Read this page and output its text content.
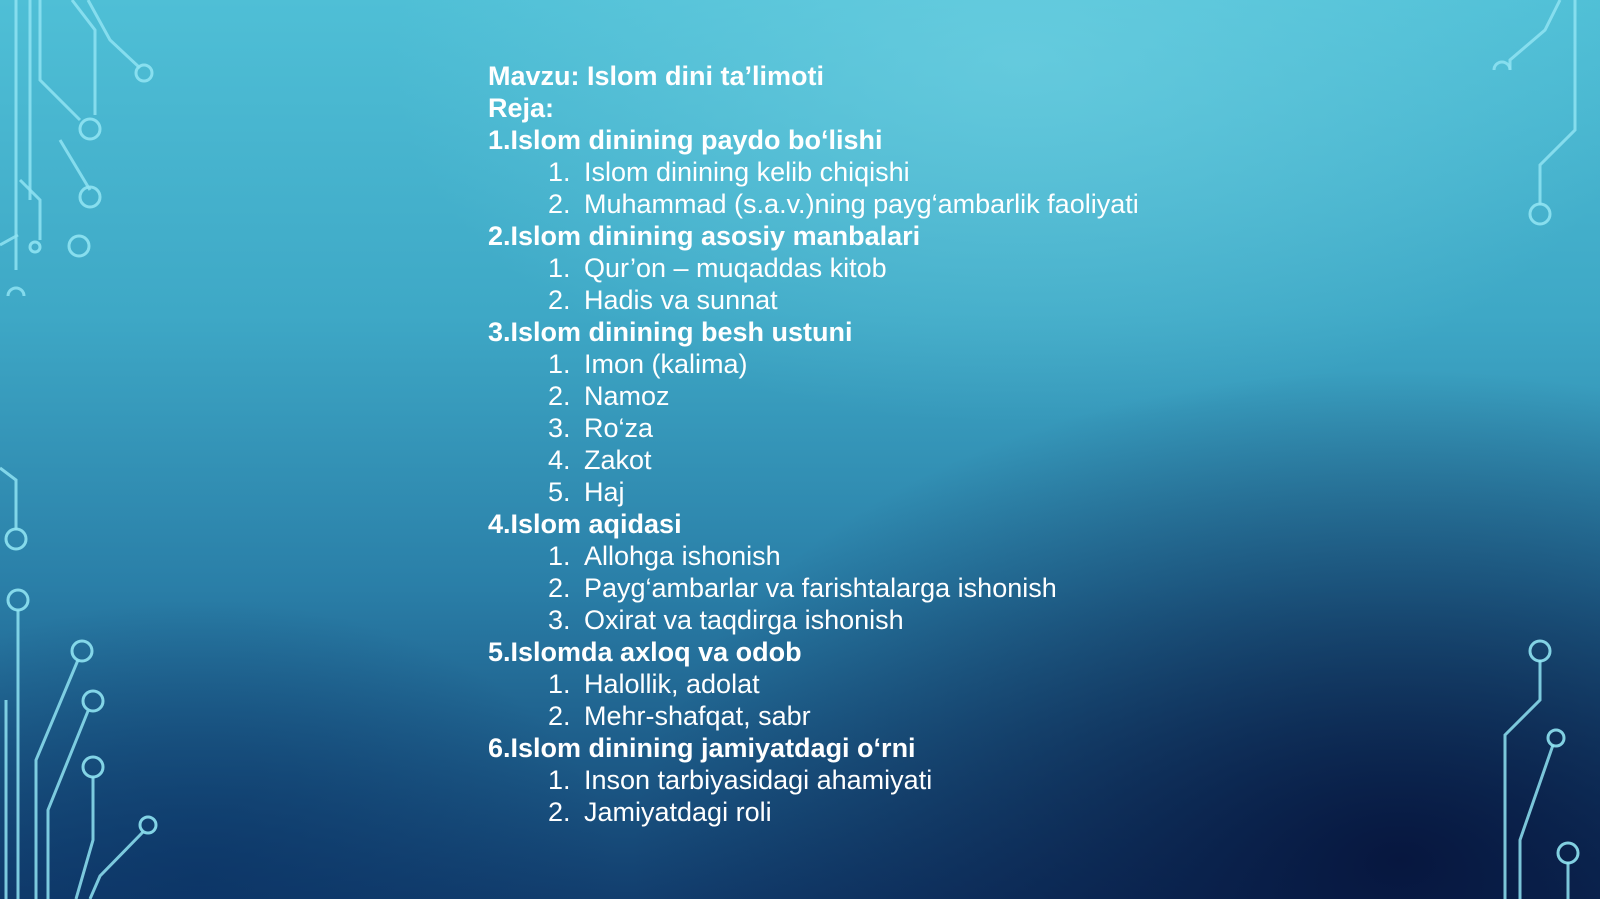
Mavzu: Islom dini ta’limoti
Reja:
1.Islom dinining paydo bo‘lishi
1. Islom dinining kelib chiqishi
2. Muhammad (s.a.v.)ning payg‘ambarlik faoliyati
2.Islom dinining asosiy manbalari
1. Qur’on – muqaddas kitob
2. Hadis va sunnat
3.Islom dinining besh ustuni
1. Imon (kalima)
2. Namoz
3. Ro‘za
4. Zakot
5. Haj
4.Islom aqidasi
1. Allohga ishonish
2. Payg‘ambarlar va farishtalarga ishonish
3. Oxirat va taqdirga ishonish
5.Islomda axloq va odob
1. Halollik, adolat
2. Mehr-shafqat, sabr
6.Islom dinining jamiyatdagi o‘rni
1. Inson tarbiyasidagi ahamiyati
2. Jamiyatdagi roli
